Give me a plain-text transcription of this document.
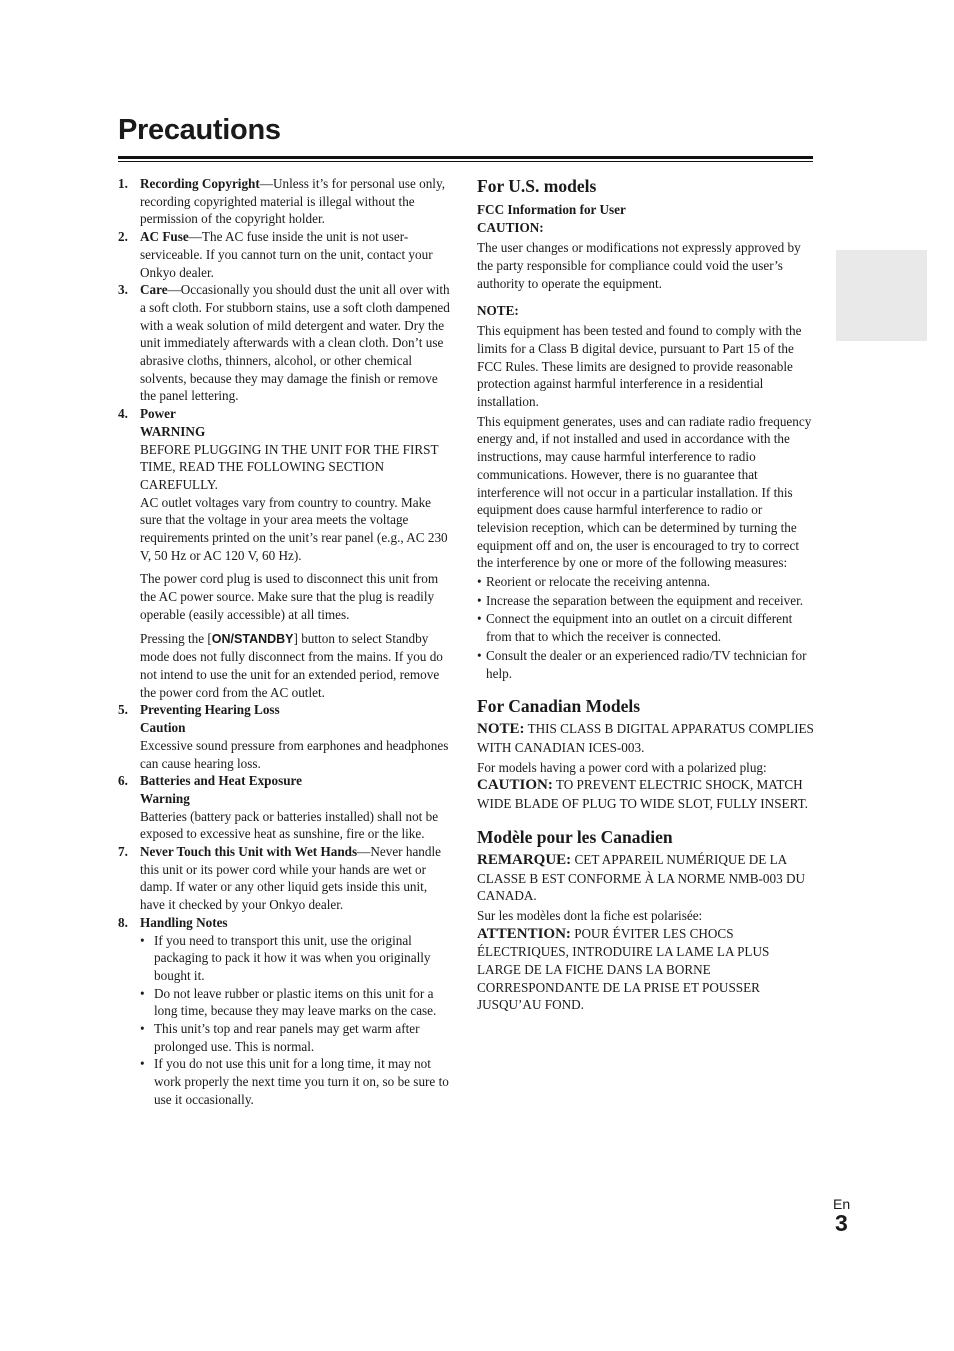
Precautions
1. Recording Copyright—Unless it’s for personal use only, recording copyrighted material is illegal without the permission of the copyright holder.
2. AC Fuse—The AC fuse inside the unit is not user-serviceable. If you cannot turn on the unit, contact your Onkyo dealer.
3. Care—Occasionally you should dust the unit all over with a soft cloth. For stubborn stains, use a soft cloth dampened with a weak solution of mild detergent and water. Dry the unit immediately afterwards with a clean cloth. Don’t use abrasive cloths, thinners, alcohol, or other chemical solvents, because they may damage the finish or remove the panel lettering.
4. Power
WARNING
BEFORE PLUGGING IN THE UNIT FOR THE FIRST TIME, READ THE FOLLOWING SECTION CAREFULLY.
AC outlet voltages vary from country to country. Make sure that the voltage in your area meets the voltage requirements printed on the unit’s rear panel (e.g., AC 230 V, 50 Hz or AC 120 V, 60 Hz).
The power cord plug is used to disconnect this unit from the AC power source. Make sure that the plug is readily operable (easily accessible) at all times.
Pressing the [ON/STANDBY] button to select Standby mode does not fully disconnect from the mains. If you do not intend to use the unit for an extended period, remove the power cord from the AC outlet.
5. Preventing Hearing Loss
Caution
Excessive sound pressure from earphones and headphones can cause hearing loss.
6. Batteries and Heat Exposure
Warning
Batteries (battery pack or batteries installed) shall not be exposed to excessive heat as sunshine, fire or the like.
7. Never Touch this Unit with Wet Hands—Never handle this unit or its power cord while your hands are wet or damp. If water or any other liquid gets inside this unit, have it checked by your Onkyo dealer.
8. Handling Notes
• If you need to transport this unit, use the original packaging to pack it how it was when you originally bought it.
• Do not leave rubber or plastic items on this unit for a long time, because they may leave marks on the case.
• This unit’s top and rear panels may get warm after prolonged use. This is normal.
• If you do not use this unit for a long time, it may not work properly the next time you turn it on, so be sure to use it occasionally.
For U.S. models
FCC Information for User
CAUTION:
The user changes or modifications not expressly approved by the party responsible for compliance could void the user’s authority to operate the equipment.
NOTE:
This equipment has been tested and found to comply with the limits for a Class B digital device, pursuant to Part 15 of the FCC Rules. These limits are designed to provide reasonable protection against harmful interference in a residential installation.
This equipment generates, uses and can radiate radio frequency energy and, if not installed and used in accordance with the instructions, may cause harmful interference to radio communications. However, there is no guarantee that interference will not occur in a particular installation. If this equipment does cause harmful interference to radio or television reception, which can be determined by turning the equipment off and on, the user is encouraged to try to correct the interference by one or more of the following measures:
• Reorient or relocate the receiving antenna.
• Increase the separation between the equipment and receiver.
• Connect the equipment into an outlet on a circuit different from that to which the receiver is connected.
• Consult the dealer or an experienced radio/TV technician for help.
For Canadian Models
NOTE: THIS CLASS B DIGITAL APPARATUS COMPLIES WITH CANADIAN ICES-003.
For models having a power cord with a polarized plug:
CAUTION: TO PREVENT ELECTRIC SHOCK, MATCH WIDE BLADE OF PLUG TO WIDE SLOT, FULLY INSERT.
Modèle pour les Canadien
REMARQUE: CET APPAREIL NUMÉRIQUE DE LA CLASSE B EST CONFORME À LA NORME NMB-003 DU CANADA.
Sur les modèles dont la fiche est polarisée:
ATTENTION: POUR ÉVITER LES CHOCS ÉLECTRIQUES, INTRODUIRE LA LAME LA PLUS LARGE DE LA FICHE DANS LA BORNE CORRESPONDANTE DE LA PRISE ET POUSSER JUSQU’AU FOND.
En
3
